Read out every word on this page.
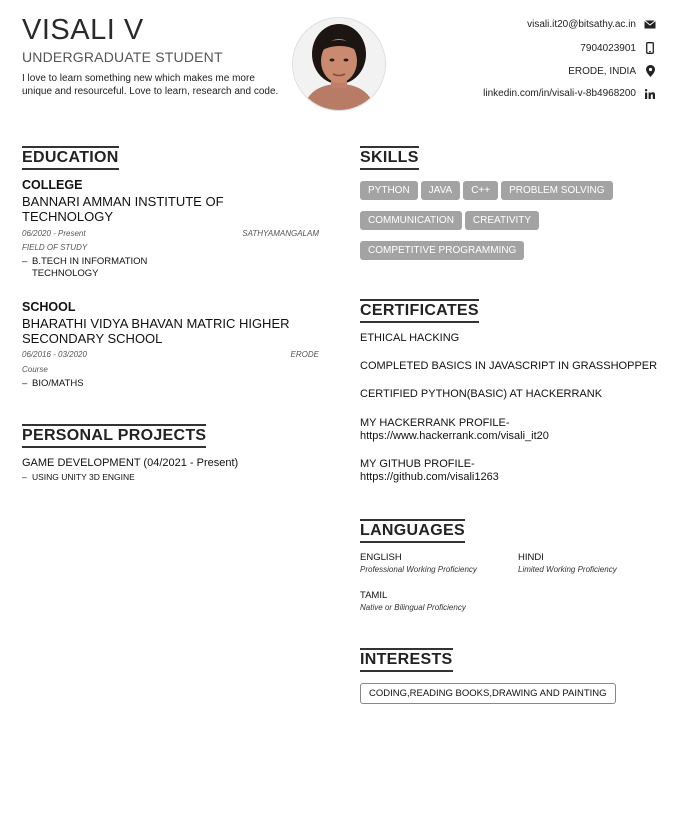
VISALI V
UNDERGRADUATE STUDENT
I love to learn something new which makes me more unique and resourceful. Love to learn, research and code.
visali.it20@bitsathy.ac.in
7904023901
ERODE, INDIA
linkedin.com/in/visali-v-8b4968200
EDUCATION
COLLEGE
BANNARI AMMAN INSTITUTE OF TECHNOLOGY
06/2020 - Present	SATHYAMANGALAM
FIELD OF STUDY
– B.TECH IN INFORMATION TECHNOLOGY
SCHOOL
BHARATHI VIDYA BHAVAN MATRIC HIGHER SECONDARY SCHOOL
06/2016 - 03/2020	ERODE
Course
– BIO/MATHS
PERSONAL PROJECTS
GAME DEVELOPMENT (04/2021 - Present)
– USING UNITY 3D ENGINE
SKILLS
PYTHON JAVA C++ PROBLEM SOLVING
COMMUNICATION CREATIVITY
COMPETITIVE PROGRAMMING
CERTIFICATES
ETHICAL HACKING
COMPLETED BASICS IN JAVASCRIPT IN GRASSHOPPER
CERTIFIED PYTHON(BASIC) AT HACKERRANK
MY HACKERRANK PROFILE-
https://www.hackerrank.com/visali_it20
MY GITHUB PROFILE-
https://github.com/visali1263
LANGUAGES
ENGLISH
Professional Working Proficiency
HINDI
Limited Working Proficiency
TAMIL
Native or Bilingual Proficiency
INTERESTS
CODING,READING BOOKS,DRAWING AND PAINTING
